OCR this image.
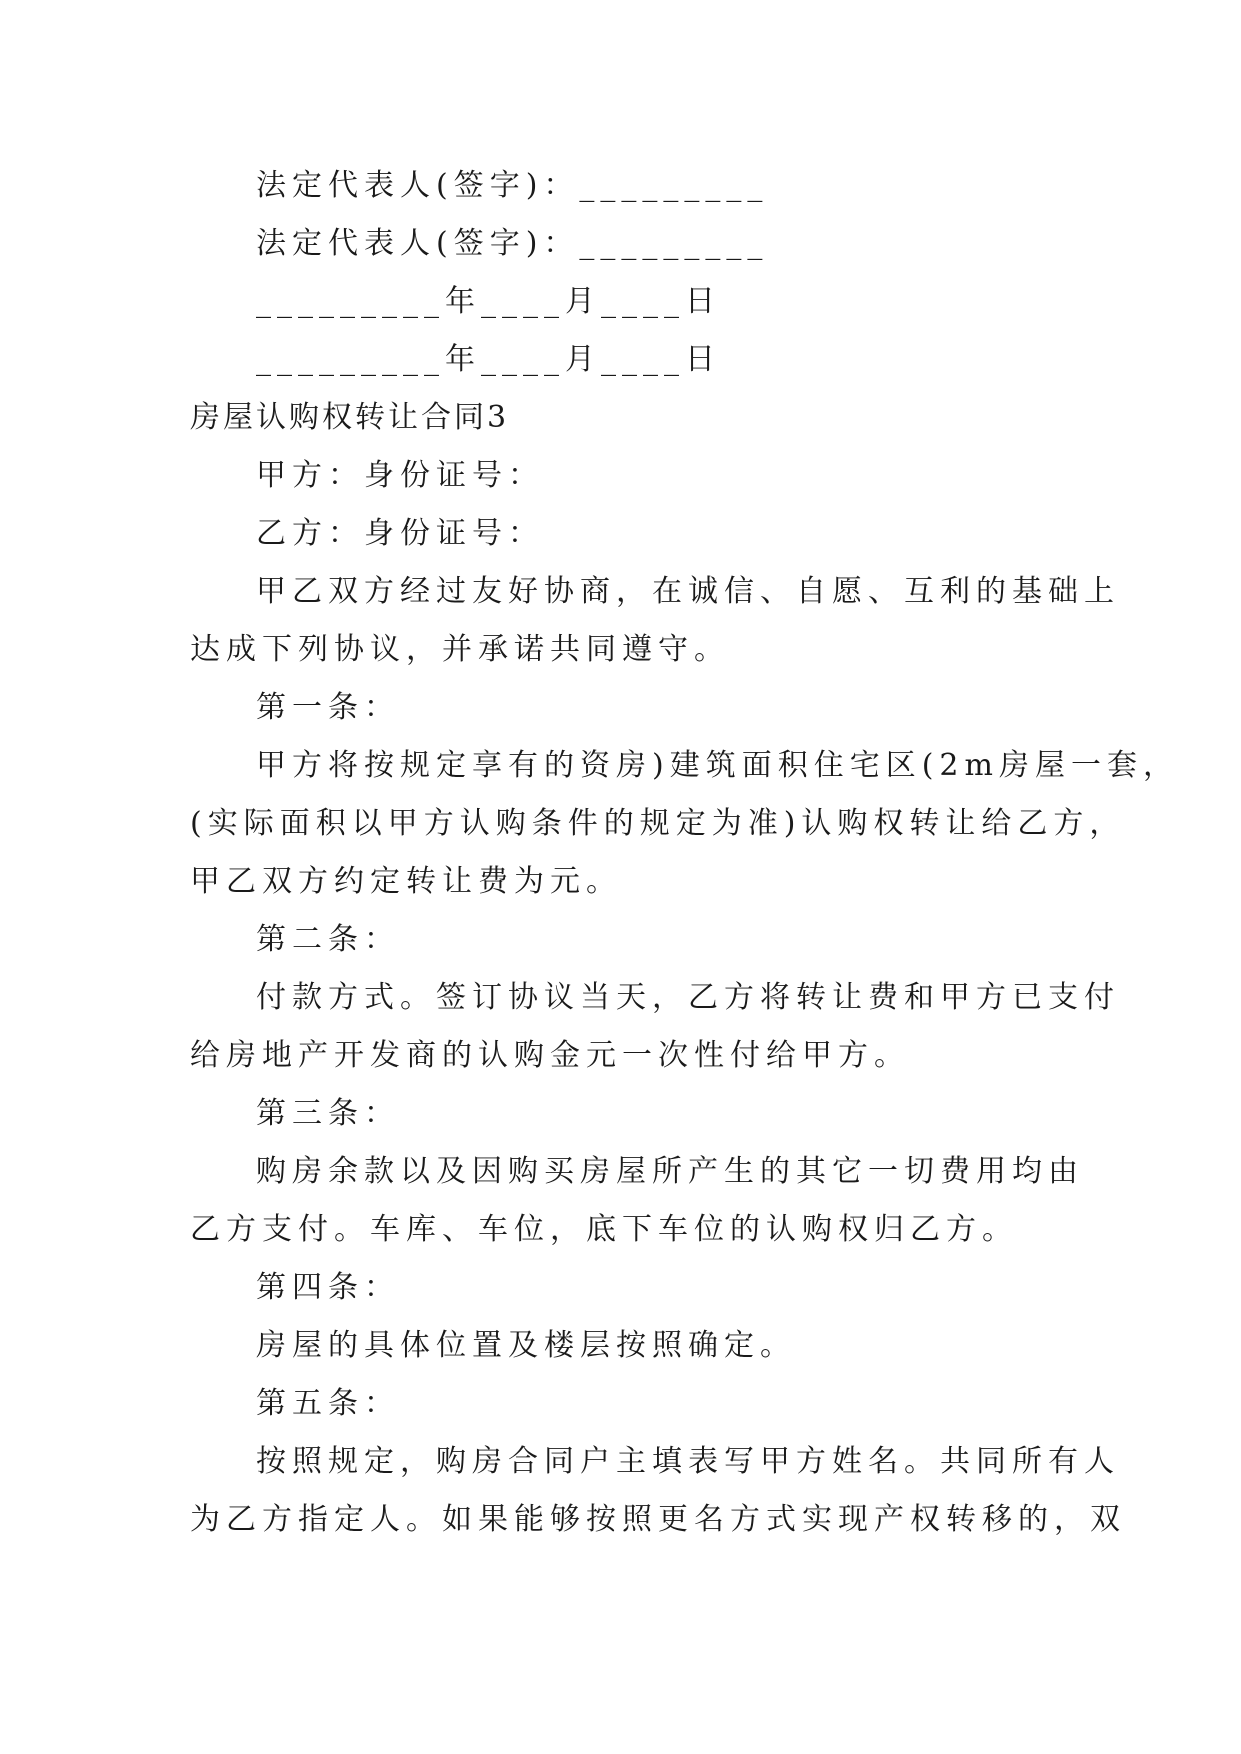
法定代表人(签字)：_________
法定代表人(签字)：_________
_________年____月____日
_________年____月____日
房屋认购权转让合同3
甲方：身份证号：
乙方：身份证号：
甲乙双方经过友好协商，在诚信、自愿、互利的基础上
达成下列协议，并承诺共同遵守。
第一条：
甲方将按规定享有的资房)建筑面积住宅区(2m房屋一套，
(实际面积以甲方认购条件的规定为准)认购权转让给乙方，
甲乙双方约定转让费为元。
第二条：
付款方式。签订协议当天，乙方将转让费和甲方已支付
给房地产开发商的认购金元一次性付给甲方。
第三条：
购房余款以及因购买房屋所产生的其它一切费用均由
乙方支付。车库、车位，底下车位的认购权归乙方。
第四条：
房屋的具体位置及楼层按照确定。
第五条：
按照规定，购房合同户主填表写甲方姓名。共同所有人
为乙方指定人。如果能够按照更名方式实现产权转移的，双
